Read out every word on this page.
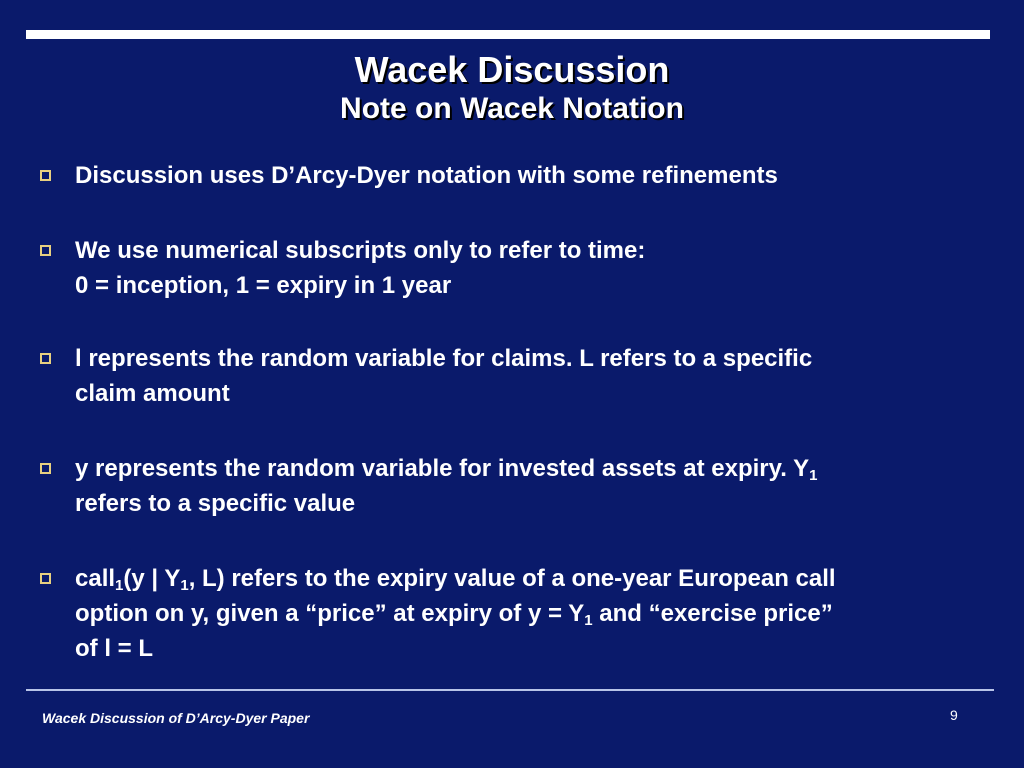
Wacek Discussion
Note on Wacek Notation
Discussion uses D’Arcy-Dyer notation with some refinements
We use numerical subscripts only to refer to time:
0 = inception, 1 = expiry in 1 year
l represents the random variable for claims. L refers to a specific
claim amount
y represents the random variable for invested assets at expiry. $Y_1$
refers to a specific value
call$_1$(y | $Y_1$, L) refers to the expiry value of a one-year European call
option on y, given a “price” at expiry of $y = Y_1$ and “exercise price”
of l = L
Wacek Discussion of D’Arcy-Dyer Paper	9
